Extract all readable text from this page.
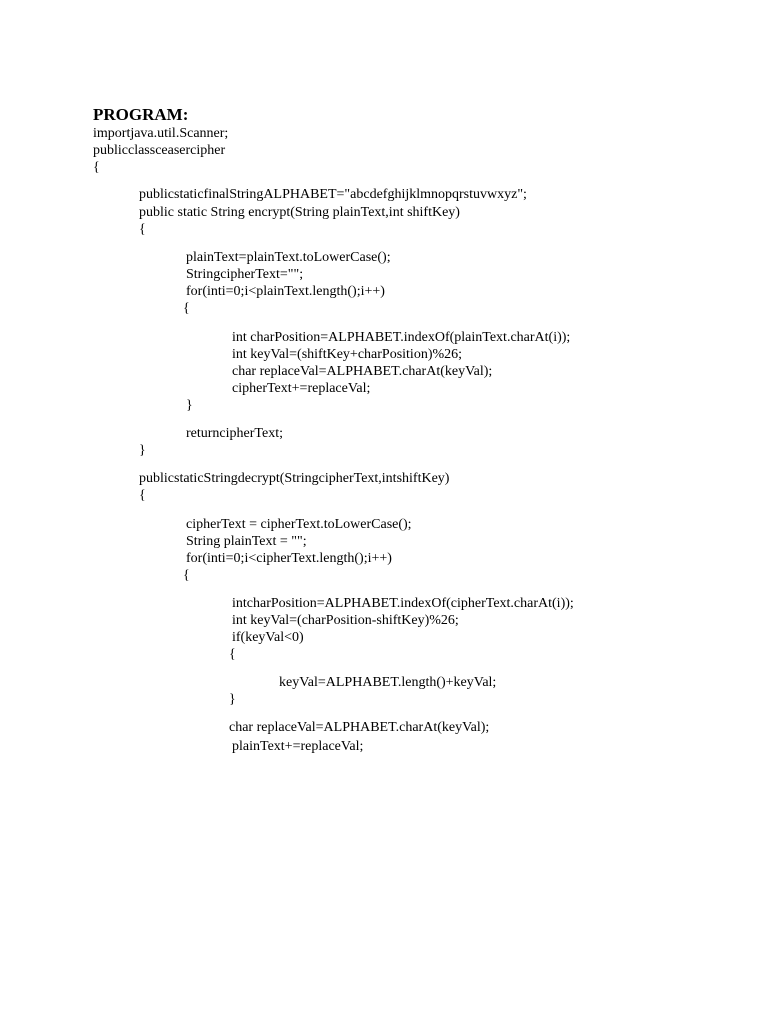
PROGRAM:
importjava.util.Scanner;
publicclassceasercipher
{
publicstaticfinalStringALPHABET="abcdefghijklmnopqrstuvwxyz";
public static String encrypt(String plainText,int shiftKey)
{
plainText=plainText.toLowerCase();
StringcipherText="";
for(inti=0;i<plainText.length();i++)
{
int charPosition=ALPHABET.indexOf(plainText.charAt(i));
int keyVal=(shiftKey+charPosition)%26;
char replaceVal=ALPHABET.charAt(keyVal);
cipherText+=replaceVal;
}
returncipherText;
}
publicstaticStringdecrypt(StringcipherText,intshiftKey)
{
cipherText = cipherText.toLowerCase();
String plainText = "";
for(inti=0;i<cipherText.length();i++)
{
intcharPosition=ALPHABET.indexOf(cipherText.charAt(i));
int keyVal=(charPosition-shiftKey)%26;
if(keyVal<0)
{
keyVal=ALPHABET.length()+keyVal;
}
char replaceVal=ALPHABET.charAt(keyVal);
plainText+=replaceVal;
